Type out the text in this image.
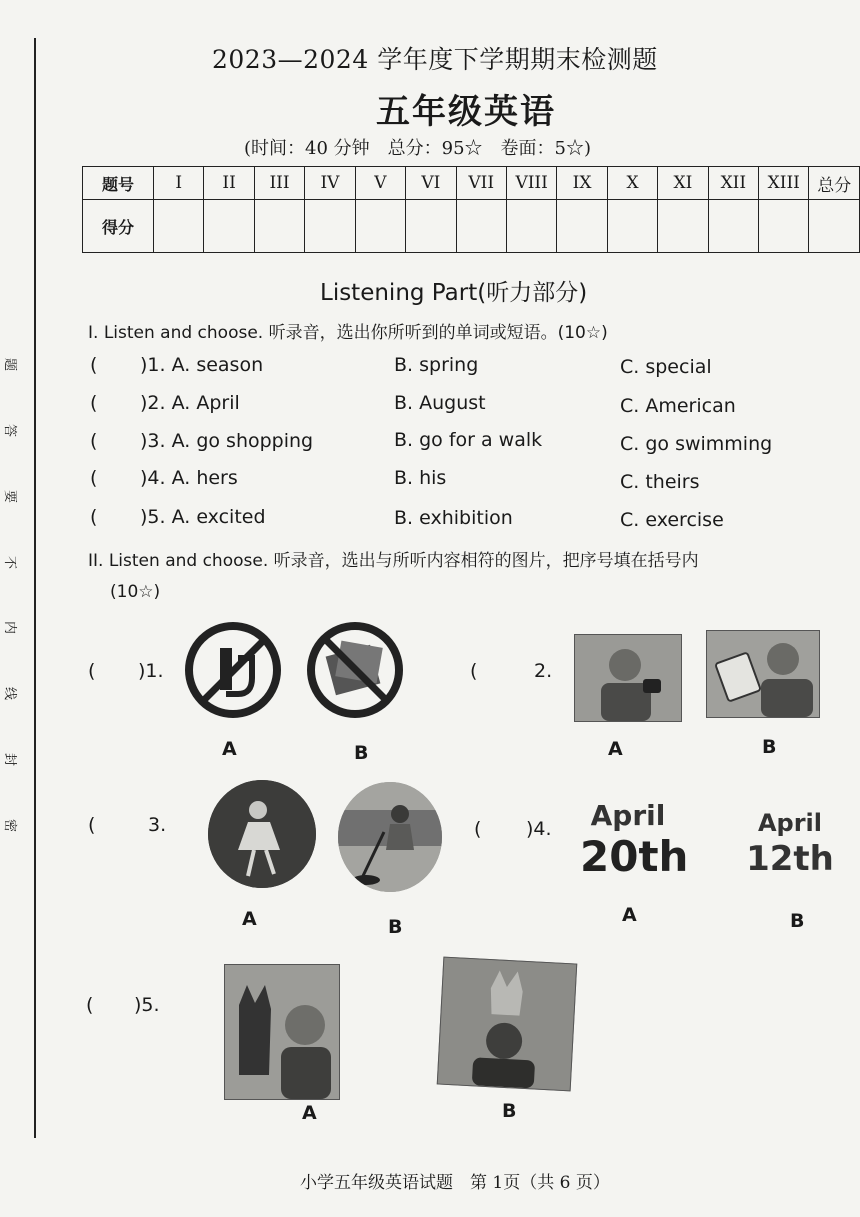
题
答
要
不
内
线
封
密
2023—2024 学年度下学期期末检测题
五年级英语
(时间：40 分钟　总分：95☆　卷面：5☆)
题号	I	II	III	IV	V	VI	VII	VIII	IX	X	XI	XII	XIII	总分
得分														
Listening Part(听力部分)
I. Listen and choose. 听录音，选出你所听到的单词或短语。(10☆)
( )1. A. season	B. spring	C. special
( )2. A. April	B. August	C. American
( )3. A. go shopping	B. go for a walk	C. go swimming
( )4. A. hers	B. his	C. theirs
( )5. A. excited	B. exhibition	C. exercise
II. Listen and choose. 听录音，选出与所听内容相符的图片，把序号填在括号内
(10☆)
( )1.
A	B
(	2.
A	B
(	3.
A	B
( )4.	April
20th
April
12th
A	B
( )5.
A	B
小学五年级英语试题　第 1页（共 6 页）
